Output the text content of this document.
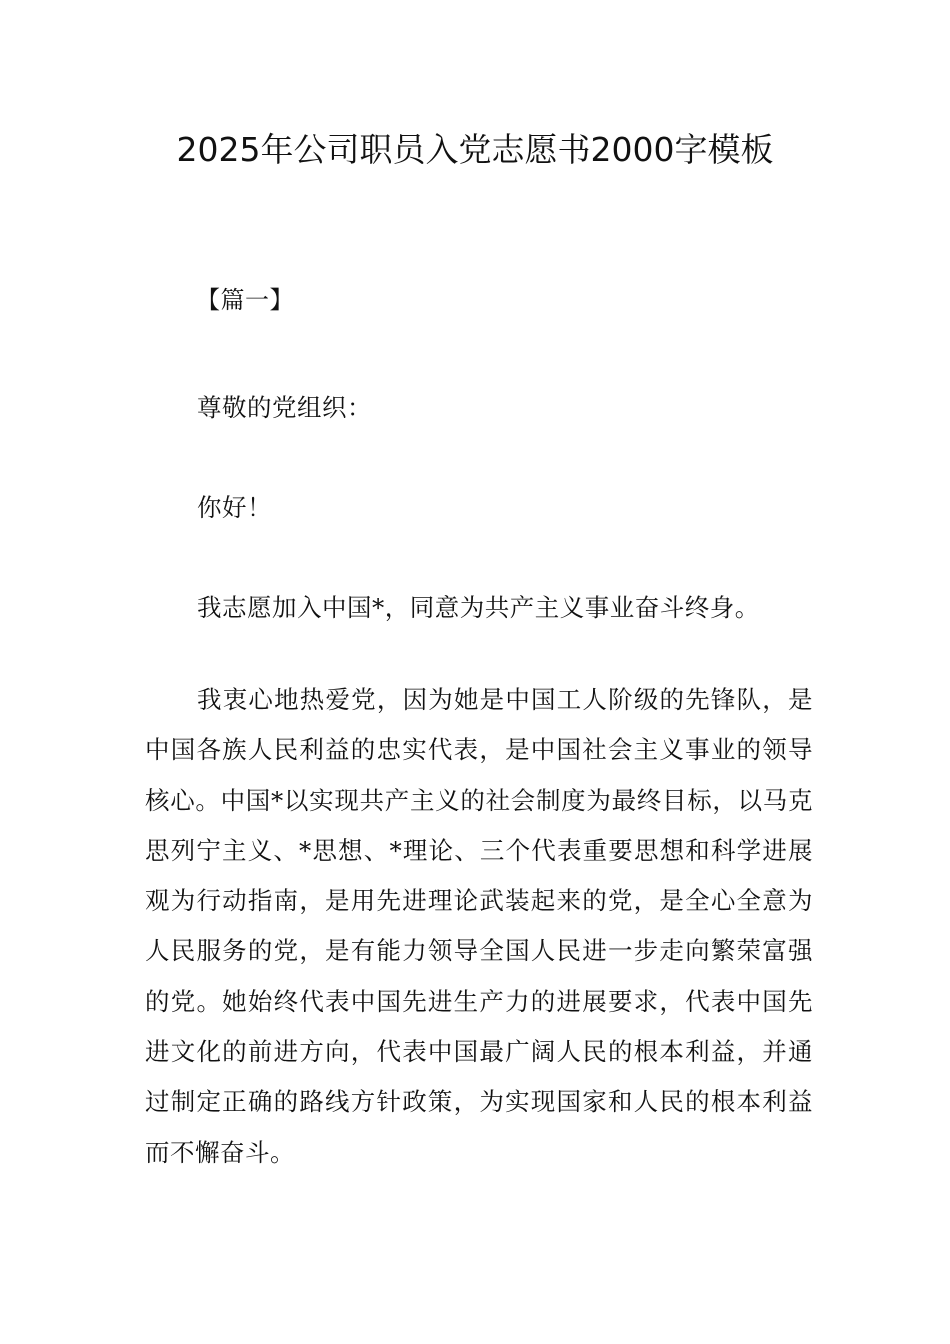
2025年公司职员入党志愿书2000字模板
【篇一】

尊敬的党组织：

你好！

我志愿加入中国*，同意为共产主义事业奋斗终身。

我衷心地热爱党，因为她是中国工人阶级的先锋队，是中国各族人民利益的忠实代表，是中国社会主义事业的领导核心。中国*以实现共产主义的社会制度为最终目标，以马克思列宁主义、*思想、*理论、三个代表重要思想和科学进展观为行动指南，是用先进理论武装起来的党，是全心全意为人民服务的党，是有能力领导全国人民进一步走向繁荣富强的党。她始终代表中国先进生产力的进展要求，代表中国先进文化的前进方向，代表中国最广阔人民的根本利益，并通过制定正确的路线方针政策，为实现国家和人民的根本利益而不懈奋斗。
